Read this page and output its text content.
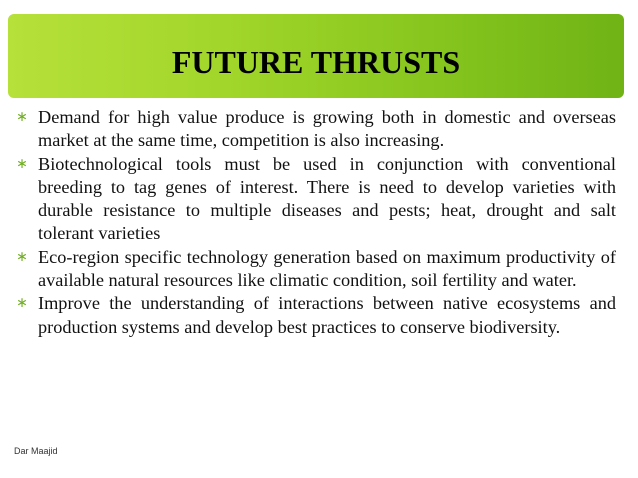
FUTURE THRUSTS
∗ Demand for high value produce is growing both in domestic and overseas market at the same time, competition is also increasing.
∗ Biotechnological tools must be used in conjunction with conventional breeding to tag genes of interest. There is need to develop varieties with durable resistance to multiple diseases and pests; heat, drought and salt tolerant varieties
∗ Eco-region specific technology generation based on maximum productivity of available natural resources like climatic condition, soil fertility and water.
∗ Improve the understanding of interactions between native ecosystems and production systems and develop best practices to conserve biodiversity.
Dar Maajid
